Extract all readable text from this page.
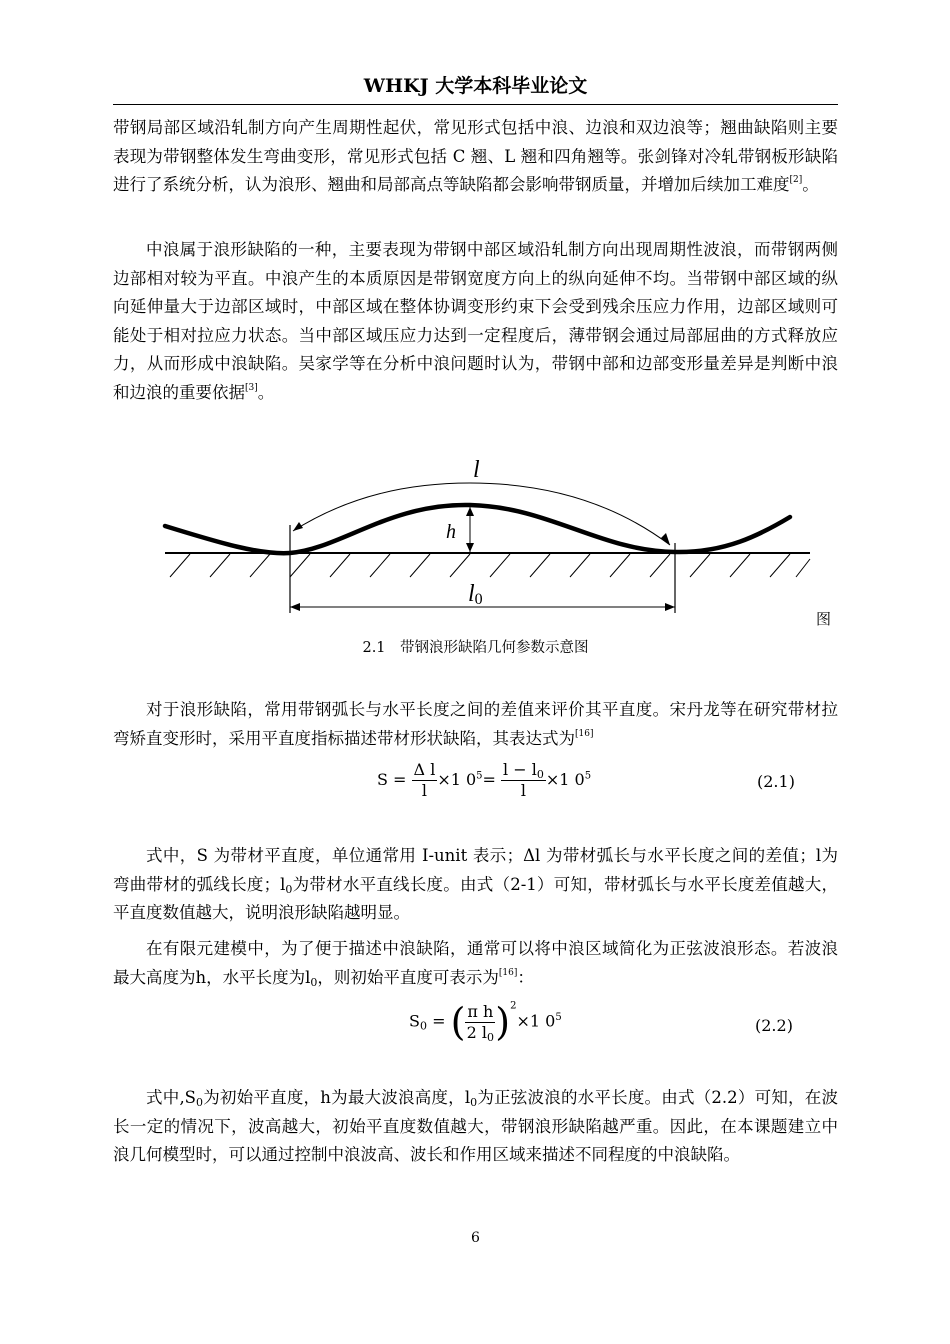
WHKJ 大学本科毕业论文

带钢局部区域沿轧制方向产生周期性起伏，常见形式包括中浪、边浪和双边浪等；翘曲缺陷则主要表现为带钢整体发生弯曲变形，常见形式包括 C 翘、L 翘和四角翘等。张剑锋对冷轧带钢板形缺陷进行了系统分析，认为浪形、翘曲和局部高点等缺陷都会影响带钢质量，并增加后续加工难度[2]。

中浪属于浪形缺陷的一种，主要表现为带钢中部区域沿轧制方向出现周期性波浪，而带钢两侧边部相对较为平直。中浪产生的本质原因是带钢宽度方向上的纵向延伸不均。当带钢中部区域的纵向延伸量大于边部区域时，中部区域在整体协调变形约束下会受到残余压应力作用，边部区域则可能处于相对拉应力状态。当中部区域压应力达到一定程度后，薄带钢会通过局部屈曲的方式释放应力，从而形成中浪缺陷。吴家学等在分析中浪问题时认为，带钢中部和边部变形量差异是判断中浪和边浪的重要依据[3]。

l
h
l0
图
2.1　带钢浪形缺陷几何参数示意图

对于浪形缺陷，常用带钢弧长与水平长度之间的差值来评价其平直度。宋丹龙等在研究带材拉弯矫直变形时，采用平直度指标描述带材形状缺陷，其表达式为[16]

$S = \frac{\text{Δ l}}{l} \times 1$ $0^5= \frac{l - l_0}{l} \times 1$ $0^5$	(2.1)

式中，S 为带材平直度，单位通常用 I-unit 表示；Δl 为带材弧长与水平长度之间的差值；l为弯曲带材的弧线长度；$l_0$为带材水平直线长度。由式（2-1）可知，带材弧长与水平长度差值越大，平直度数值越大，说明浪形缺陷越明显。

在有限元建模中，为了便于描述中浪缺陷，通常可以将中浪区域简化为正弦波浪形态。若波浪最大高度为h，水平长度为$l_0$，则初始平直度可表示为[16]：

$S_0$ = ( $\frac{\text{π h}}{2 l_0} )^2\times 1$ $0^5$	(2.2)

式中$,S_0$为初始平直度，h为最大波浪高度，$l_0$为正弦波浪的水平长度。由式（2.2）可知，在波长一定的情况下，波高越大，初始平直度数值越大，带钢浪形缺陷越严重。因此，在本课题建立中浪几何模型时，可以通过控制中浪波高、波长和作用区域来描述不同程度的中浪缺陷。

6
